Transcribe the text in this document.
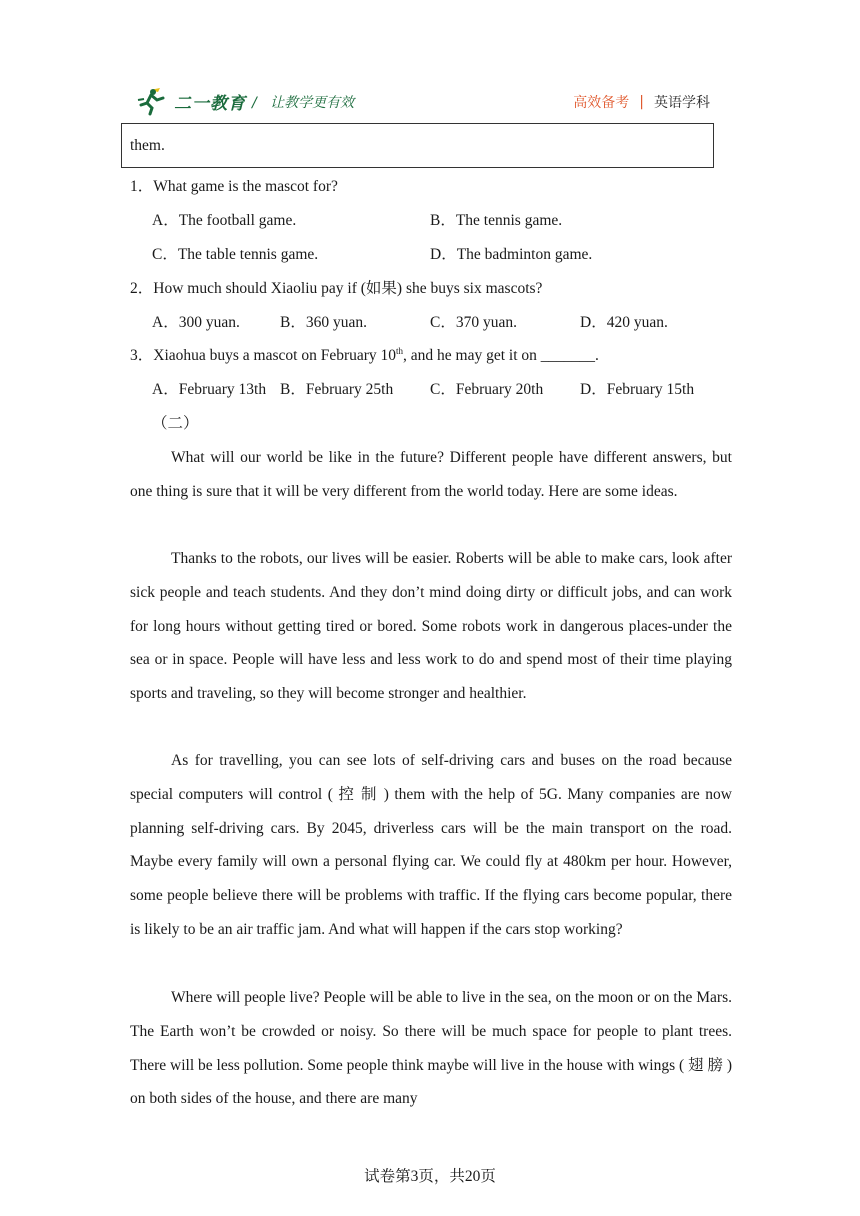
二一教育 / 让教学更有效	高效备考 | 英语学科
them.
1．What game is the mascot for?
A．The football game.	B．The tennis game.
C．The table tennis game.	D．The badminton game.
2．How much should Xiaoliu pay if (如果) she buys six mascots?
A．300 yuan.	B．360 yuan.	C．370 yuan.	D．420 yuan.
3．Xiaohua buys a mascot on February 10th, and he may get it on _______.
A．February 13th B．February 25th C．February 20th D．February 15th
（二）
What will our world be like in the future? Different people have different answers, but one thing is sure that it will be very different from the world today. Here are some ideas.
Thanks to the robots, our lives will be easier. Roberts will be able to make cars, look after sick people and teach students. And they don’t mind doing dirty or difficult jobs, and can work for long hours without getting tired or bored. Some robots work in dangerous places-under the sea or in space. People will have less and less work to do and spend most of their time playing sports and traveling, so they will become stronger and healthier.
As for travelling, you can see lots of self-driving cars and buses on the road because special computers will control ( 控 制 ) them with the help of 5G. Many companies are now planning self-driving cars. By 2045, driverless cars will be the main transport on the road. Maybe every family will own a personal flying car. We could fly at 480km per hour. However, some people believe there will be problems with traffic. If the flying cars become popular, there is likely to be an air traffic jam. And what will happen if the cars stop working?
Where will people live? People will be able to live in the sea, on the moon or on the Mars. The Earth won’t be crowded or noisy. So there will be much space for people to plant trees. There will be less pollution. Some people think maybe will live in the house with wings ( 翅 膀 ) on both sides of the house, and there are many
试卷第3页，共20页
